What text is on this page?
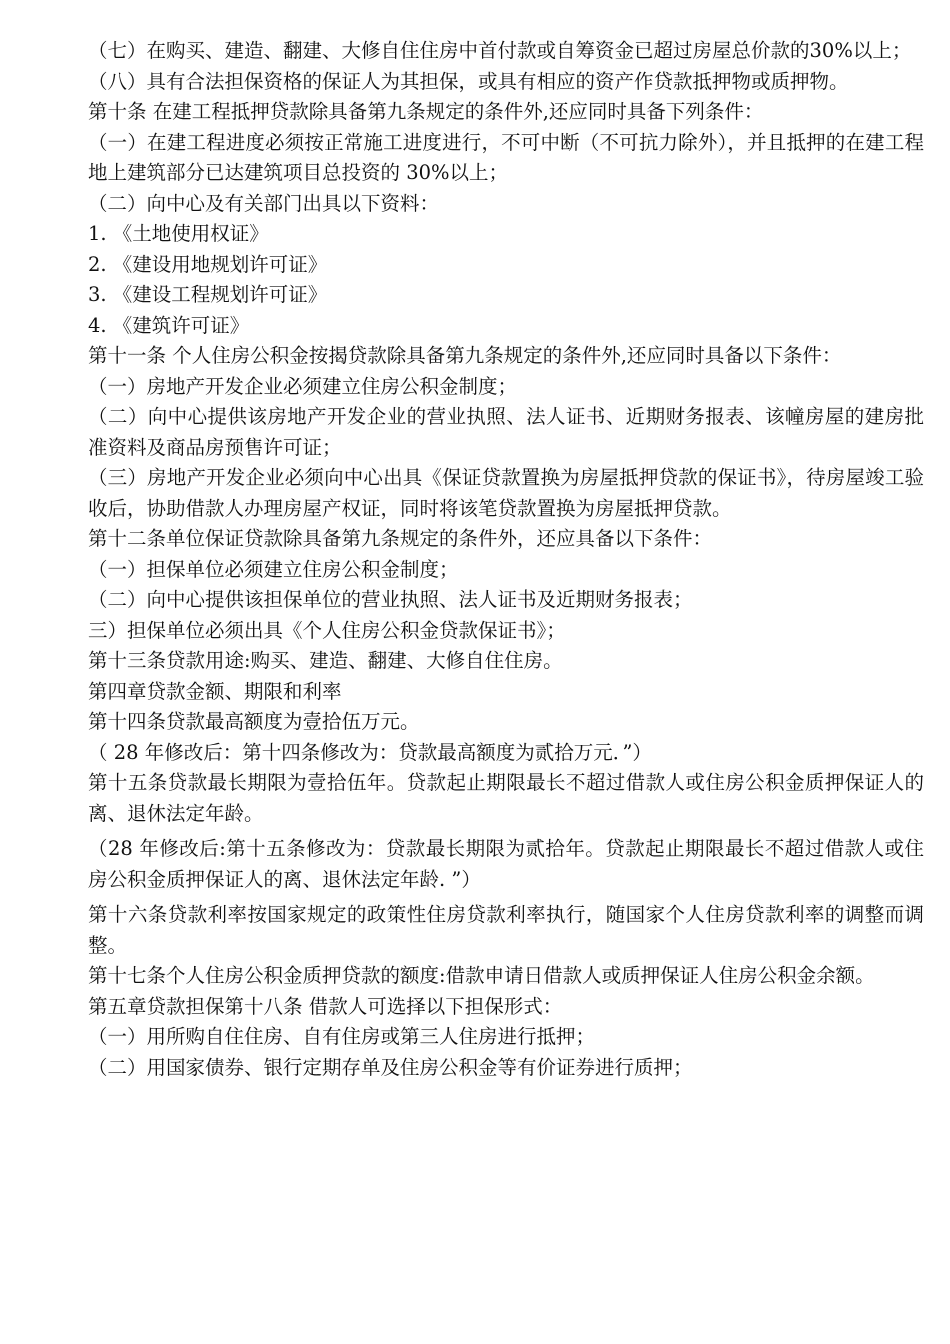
（七）在购买、建造、翻建、大修自住住房中首付款或自筹资金已超过房屋总价款的30%以上；

（八）具有合法担保资格的保证人为其担保，或具有相应的资产作贷款抵押物或质押物。

第十条 在建工程抵押贷款除具备第九条规定的条件外,还应同时具备下列条件：

（一）在建工程进度必须按正常施工进度进行，不可中断（不可抗力除外），并且抵押的在建工程地上建筑部分已达建筑项目总投资的 30%以上；

（二）向中心及有关部门出具以下资料：

1. 《土地使用权证》

2. 《建设用地规划许可证》

3. 《建设工程规划许可证》

4. 《建筑许可证》

第十一条 个人住房公积金按揭贷款除具备第九条规定的条件外,还应同时具备以下条件：

（一）房地产开发企业必须建立住房公积金制度；

（二）向中心提供该房地产开发企业的营业执照、法人证书、近期财务报表、该幢房屋的建房批准资料及商品房预售许可证；

（三）房地产开发企业必须向中心出具《保证贷款置换为房屋抵押贷款的保证书》，待房屋竣工验收后，协助借款人办理房屋产权证，同时将该笔贷款置换为房屋抵押贷款。

第十二条单位保证贷款除具备第九条规定的条件外，还应具备以下条件：

（一）担保单位必须建立住房公积金制度；

（二）向中心提供该担保单位的营业执照、法人证书及近期财务报表；

三）担保单位必须出具《个人住房公积金贷款保证书》；

第十三条贷款用途:购买、建造、翻建、大修自住住房。

第四章贷款金额、期限和利率

第十四条贷款最高额度为壹拾伍万元。

（ 28 年修改后：第十四条修改为：贷款最高额度为贰拾万元．”）

第十五条贷款最长期限为壹拾伍年。贷款起止期限最长不超过借款人或住房公积金质押保证人的离、退休法定年龄。

（28 年修改后:第十五条修改为：贷款最长期限为贰拾年。贷款起止期限最长不超过借款人或住房公积金质押保证人的离、退休法定年龄. ”）

第十六条贷款利率按国家规定的政策性住房贷款利率执行，随国家个人住房贷款利率的调整而调整。

第十七条个人住房公积金质押贷款的额度:借款申请日借款人或质押保证人住房公积金余额。

第五章贷款担保第十八条 借款人可选择以下担保形式：

（一）用所购自住住房、自有住房或第三人住房进行抵押；

（二）用国家债券、银行定期存单及住房公积金等有价证券进行质押；
